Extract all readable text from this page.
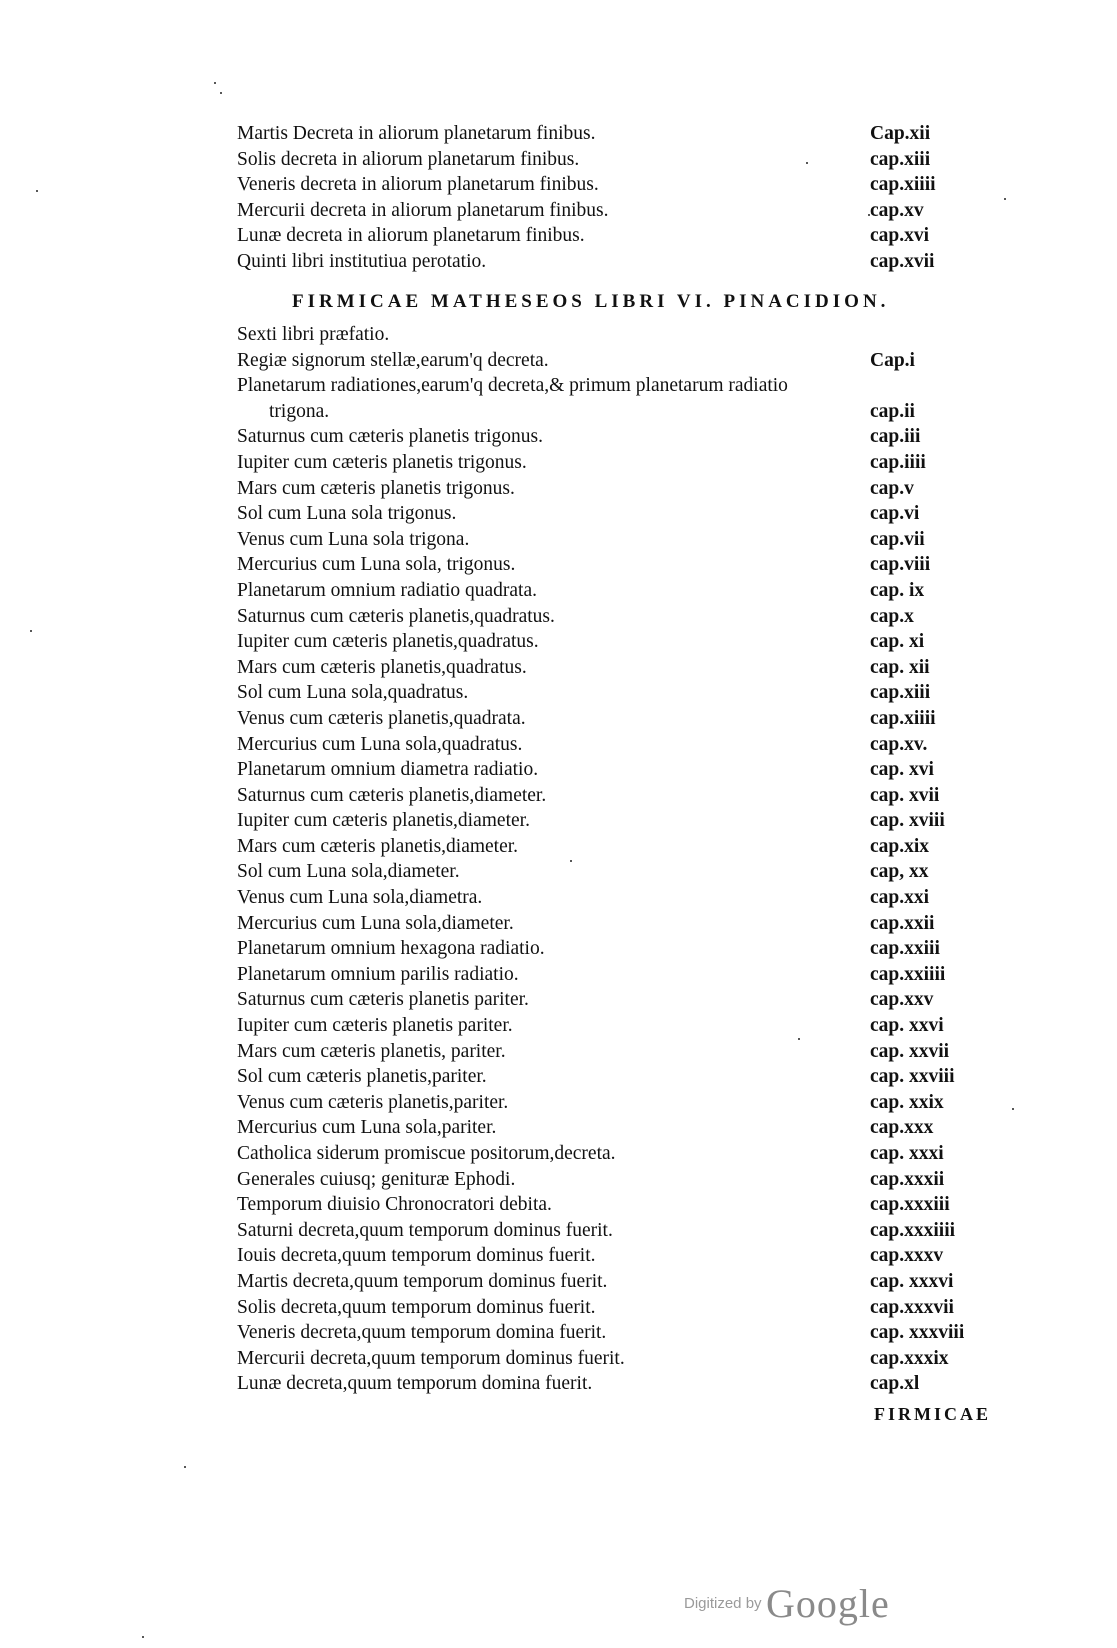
Martis Decreta in aliorum planetarum finibus.	Cap.xii
Solis decreta in aliorum planetarum finibus.	cap.xiii
Veneris decreta in aliorum planetarum finibus.	cap.xiiii
Mercurii decreta in aliorum planetarum finibus.	cap.xv
Lunæ decreta in aliorum planetarum finibus.	cap.xvi
Quinti libri institutiua perotatio.	cap.xvii
FIRMICAE MATHESEOS LIBRI VI. PINACIDION.
Sexti libri præfatio.
Regiæ signorum stellæ,earum'q decreta.	Cap.i
Planetarum radiationes,earum'q decreta,& primum planetarum radiatio
trigona.	cap.ii
Saturnus cum cæteris planetis trigonus.	cap.iii
Iupiter cum cæteris planetis trigonus.	cap.iiii
Mars cum cæteris planetis trigonus.	cap.v
Sol cum Luna sola trigonus.	cap.vi
Venus cum Luna sola trigona.	cap.vii
Mercurius cum Luna sola, trigonus.	cap.viii
Planetarum omnium radiatio quadrata.	cap. ix
Saturnus cum cæteris planetis,quadratus.	cap.x
Iupiter cum cæteris planetis,quadratus.	cap. xi
Mars cum cæteris planetis,quadratus.	cap. xii
Sol cum Luna sola,quadratus.	cap.xiii
Venus cum cæteris planetis,quadrata.	cap.xiiii
Mercurius cum Luna sola,quadratus.	cap.xv.
Planetarum omnium diametra radiatio.	cap. xvi
Saturnus cum cæteris planetis,diameter.	cap. xvii
Iupiter cum cæteris planetis,diameter.	cap. xviii
Mars cum cæteris planetis,diameter.	cap.xix
Sol cum Luna sola,diameter.	cap, xx
Venus cum Luna sola,diametra.	cap.xxi
Mercurius cum Luna sola,diameter.	cap.xxii
Planetarum omnium hexagona radiatio.	cap.xxiii
Planetarum omnium parilis radiatio.	cap.xxiiii
Saturnus cum cæteris planetis pariter.	cap.xxv
Iupiter cum cæteris planetis pariter.	cap. xxvi
Mars cum cæteris planetis, pariter.	cap. xxvii
Sol cum cæteris planetis,pariter.	cap. xxviii
Venus cum cæteris planetis,pariter.	cap. xxix
Mercurius cum Luna sola,pariter.	cap.xxx
Catholica siderum promiscue positorum,decreta.	cap. xxxi
Generales cuiusq; genituræ Ephodi.	cap.xxxii
Temporum diuisio Chronocratori debita.	cap.xxxiii
Saturni decreta,quum temporum dominus fuerit.	cap.xxxiiii
Iouis decreta,quum temporum dominus fuerit.	cap.xxxv
Martis decreta,quum temporum dominus fuerit.	cap. xxxvi
Solis decreta,quum temporum dominus fuerit.	cap.xxxvii
Veneris decreta,quum temporum domina fuerit.	cap. xxxviii
Mercurii decreta,quum temporum dominus fuerit.	cap.xxxix
Lunæ decreta,quum temporum domina fuerit.	cap.xl
FIRMICAE
Digitized by Google
